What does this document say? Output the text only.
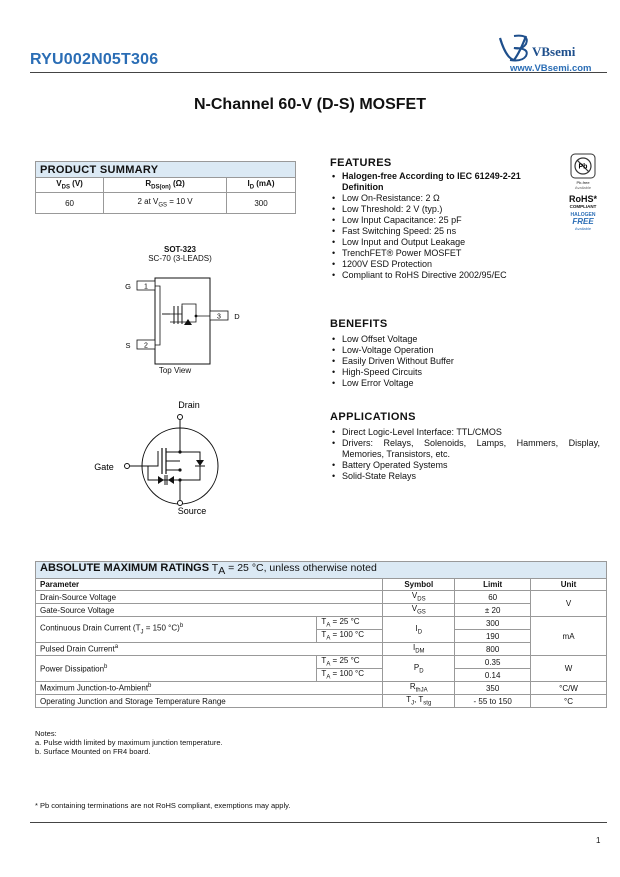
RYU002N05T306	VBsemi
www.VBsemi.com
N-Channel 60-V (D-S) MOSFET
PRODUCT SUMMARY		
$V_{DS}$ (V)	$R_{DS(on)}$ (Ω)	$I_D$ (mA)
60	2 at $V_{GS} = 10$ V	300
SOT-323
SC-70 (3-LEADS)
1
2
3
G
S
D
Top View
Drain
Gate
Source
FEATURES
• Halogen-free According to IEC 61249-2-21 Definition
• Low On-Resistance: 2 Ω
• Low Threshold: 2 V (typ.)
• Low Input Capacitance: 25 pF
• Fast Switching Speed: 25 ns
• Low Input and Output Leakage
• TrenchFET® Power MOSFET
• 1200V ESD Protection
• Compliant to RoHS Directive 2002/95/EC
Pb
Pb-free
Available
RoHS*
COMPLIANT
HALOGEN
FREE
Available
BENEFITS
• Low Offset Voltage
• Low-Voltage Operation
• Easily Driven Without Buffer
• High-Speed Circuits
• Low Error Voltage
APPLICATIONS
• Direct Logic-Level Interface: TTL/CMOS
• Drivers: Relays, Solenoids, Lamps, Hammers, Display, Memories, Transistors, etc.
• Battery Operated Systems
• Solid-State Relays
ABSOLUTE MAXIMUM RATINGS $T_A = 25$ °C, unless otherwise noted				
Parameter		Symbol	Limit	Unit
Drain-Source Voltage		$V_{DS}$	60	V
Gate-Source Voltage		$V_{GS}$	± 20	
Continuous Drain Current ($T_J = 150$ °C)$^b$	$T_A = 25$ °C	$I_D$	300	mA
	$T_A = 100$ °C		190	
Pulsed Drain Current$^a$		$I_{DM}$	800	
Power Dissipation$^b$	$T_A = 25$ °C	$P_D$	0.35	W
	$T_A = 100$ °C		0.14	
Maximum Junction-to-Ambient$^b$		$R_{thJA}$	350	°C/W
Operating Junction and Storage Temperature Range		$T_J$, $T_{stg}$	- 55 to 150	°C
Notes:
a. Pulse width limited by maximum junction temperature.
b. Surface Mounted on FR4 board.
* Pb containing terminations are not RoHS compliant, exemptions may apply.
1
